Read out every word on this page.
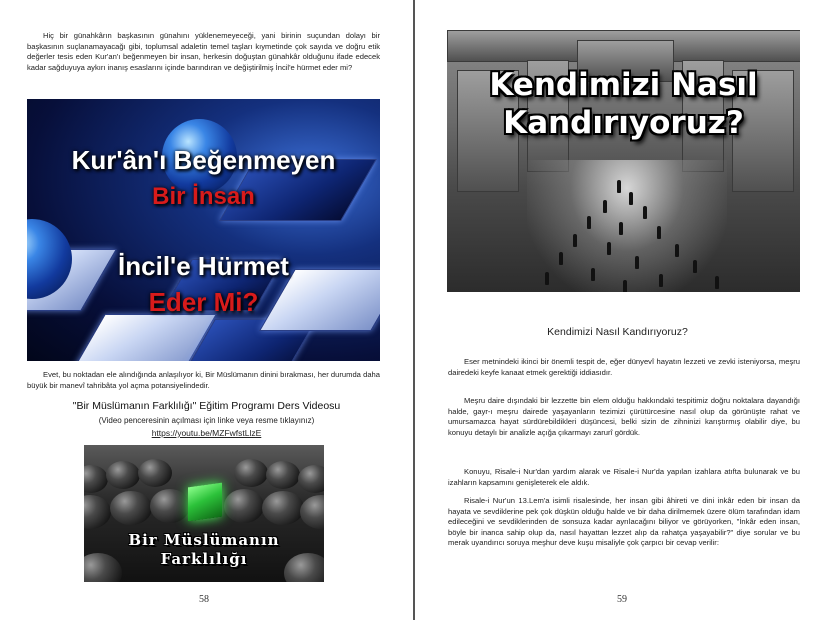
Hiç bir günahkârın başkasının günahını yüklenemeyeceği, yani birinin suçundan dolayı bir başkasının suçlanamayacağı gibi, toplumsal adaletin temel taşları kıymetinde çok sayıda ve doğru etik değerler tesis eden Kur'an'ı beğenmeyen bir insan, herkesin doğuştan günahkâr olduğunu ifade edecek kadar sağduyuya aykırı inanış esaslarını içinde barındıran ve değiştirilmiş İncil'e hürmet eder mi?

Kur'ân'ı Beğenmeyen
Bir İnsan
İncil'e Hürmet
Eder Mi?

Evet, bu noktadan ele alındığında anlaşılıyor ki, Bir Müslümanın dinini bırakması, her durumda daha büyük bir manevî tahribâta yol açma potansiyelindedir.

"Bir Müslümanın Farklılığı" Eğitim Programı Ders Videosu
(Video penceresinin açılması için linke veya resme tıklayınız)
https://youtu.be/MZFwfstLlzE
Bir Müslümanın
Farklılığı
58
Kendimizi Nasıl
Kandırıyoruz?
Kendimizi Nasıl Kandırıyoruz?

Eser metnindeki ikinci bir önemli tespit de, eğer dünyevî hayatın lezzeti ve zevki isteniyorsa, meşru dairedeki keyfe kanaat etmek gerektiği iddiasıdır.

Meşru daire dışındaki bir lezzette bin elem olduğu hakkındaki tespitimiz doğru noktalara dayandığı halde, gayr-ı meşru dairede yaşayanların tezimizi çürütürcesine nasıl olup da görünüşte rahat ve umursamazca hayat sürdürebildikleri düşüncesi, belki sizin de zihninizi karıştırmış olabilir diye, bu konuyu detaylı bir analizle açığa çıkarmayı zarurî gördük.

Konuyu, Risale-i Nur'dan yardım alarak ve Risale-i Nur'da yapılan izahlara atıfta bulunarak ve bu izahların kapsamını genişleterek ele aldık.

Risale-i Nur'un 13.Lem'a isimli risalesinde, her insan gibi âhireti ve dini inkâr eden bir insan da hayata ve sevdiklerine pek çok düşkün olduğu halde ve bir daha dirilmemek üzere ölüm tarafından idam edileceğini ve sevdiklerinden de sonsuza kadar ayrılacağını biliyor ve görüyorken, "İnkâr eden insan, böyle bir inanca sahip olup da, nasıl hayattan lezzet alıp da rahatça yaşayabilir?" diye sorular ve bu merak uyandırıcı soruya meşhur deve kuşu misaliyle çok çarpıcı bir cevap verilir:

59
